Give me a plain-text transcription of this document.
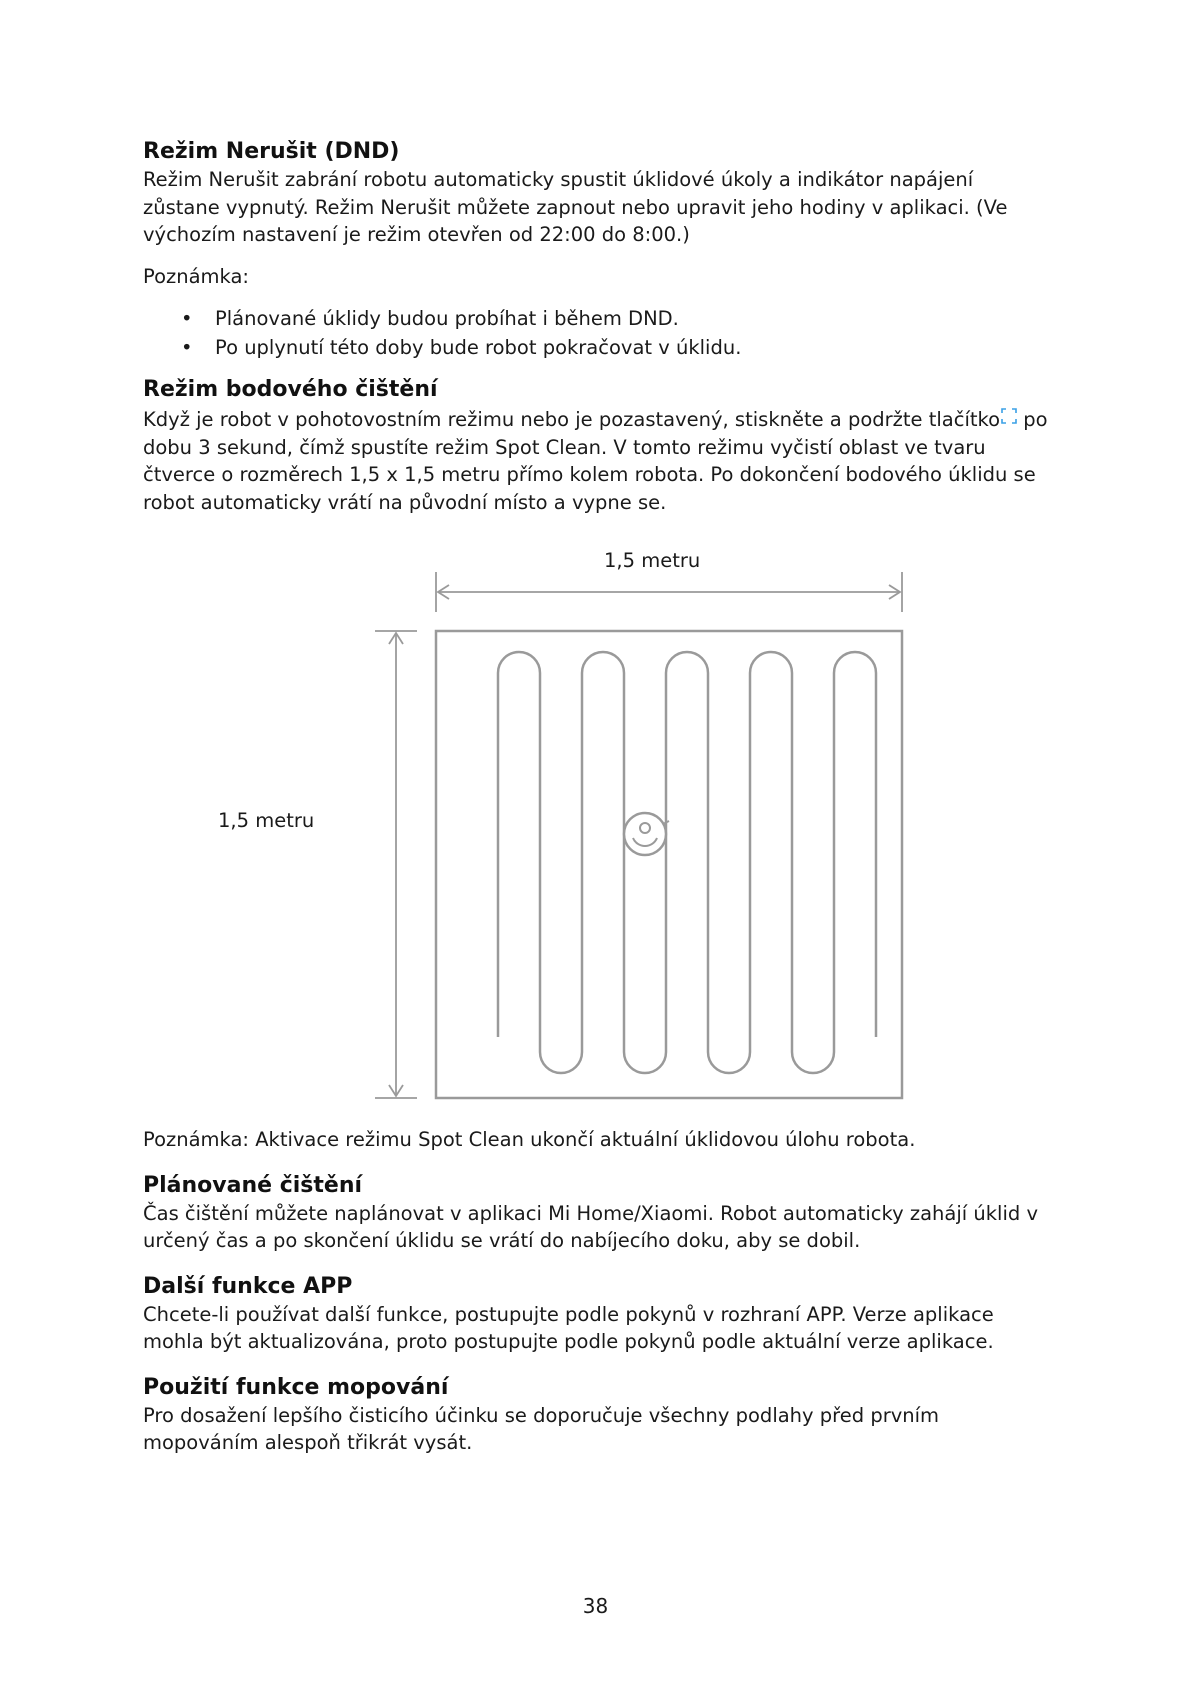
Režim Nerušit (DND)

Režim Nerušit zabrání robotu automaticky spustit úklidové úkoly a indikátor napájení zůstane vypnutý. Režim Nerušit můžete zapnout nebo upravit jeho hodiny v aplikaci. (Ve výchozím nastavení je režim otevřen od 22:00 do 8:00.)

Poznámka:

• Plánované úklidy budou probíhat i během DND.
• Po uplynutí této doby bude robot pokračovat v úklidu.
Režim bodového čištění

Když je robot v pohotovostním režimu nebo je pozastavený, stiskněte a podržte tlačítko po dobu 3 sekund, čímž spustíte režim Spot Clean. V tomto režimu vyčistí oblast ve tvaru čtverce o rozměrech 1,5 x 1,5 metru přímo kolem robota. Po dokončení bodového úklidu se robot automaticky vrátí na původní místo a vypne se.

1,5 metru
1,5 metru

Poznámka: Aktivace režimu Spot Clean ukončí aktuální úklidovou úlohu robota.

Plánované čištění

Čas čištění můžete naplánovat v aplikaci Mi Home/Xiaomi. Robot automaticky zahájí úklid v určený čas a po skončení úklidu se vrátí do nabíjecího doku, aby se dobil.

Další funkce APP

Chcete-li používat další funkce, postupujte podle pokynů v rozhraní APP. Verze aplikace mohla být aktualizována, proto postupujte podle pokynů podle aktuální verze aplikace.

Použití funkce mopování

Pro dosažení lepšího čisticího účinku se doporučuje všechny podlahy před prvním mopováním alespoň třikrát vysát.

38
